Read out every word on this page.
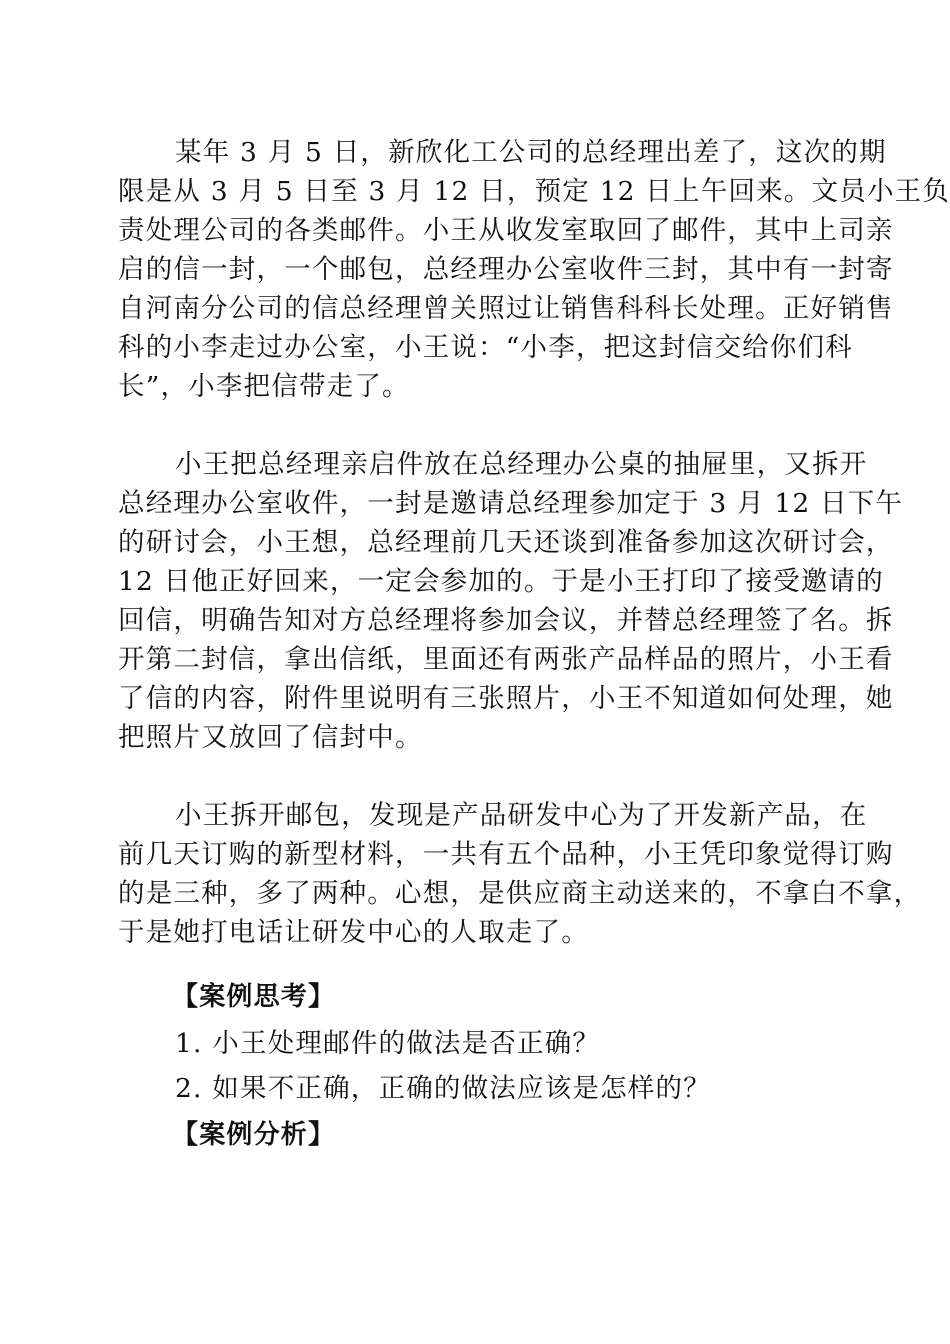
某年 3 月 5 日，新欣化工公司的总经理出差了，这次的期
限是从 3 月 5 日至 3 月 12 日，预定 12 日上午回来。文员小王负
责处理公司的各类邮件。小王从收发室取回了邮件，其中上司亲
启的信一封，一个邮包，总经理办公室收件三封，其中有一封寄
自河南分公司的信总经理曾关照过让销售科科长处理。正好销售
科的小李走过办公室，小王说：“小李，把这封信交给你们科
长”，小李把信带走了。
小王把总经理亲启件放在总经理办公桌的抽屉里，又拆开
总经理办公室收件，一封是邀请总经理参加定于 3 月 12 日下午
的研讨会，小王想，总经理前几天还谈到准备参加这次研讨会，
12 日他正好回来，一定会参加的。于是小王打印了接受邀请的
回信，明确告知对方总经理将参加会议，并替总经理签了名。拆
开第二封信，拿出信纸，里面还有两张产品样品的照片，小王看
了信的内容，附件里说明有三张照片，小王不知道如何处理，她
把照片又放回了信封中。
小王拆开邮包，发现是产品研发中心为了开发新产品，在
前几天订购的新型材料，一共有五个品种，小王凭印象觉得订购
的是三种，多了两种。心想，是供应商主动送来的，不拿白不拿，
于是她打电话让研发中心的人取走了。
【案例思考】
1. 小王处理邮件的做法是否正确？
2. 如果不正确，正确的做法应该是怎样的？
【案例分析】
